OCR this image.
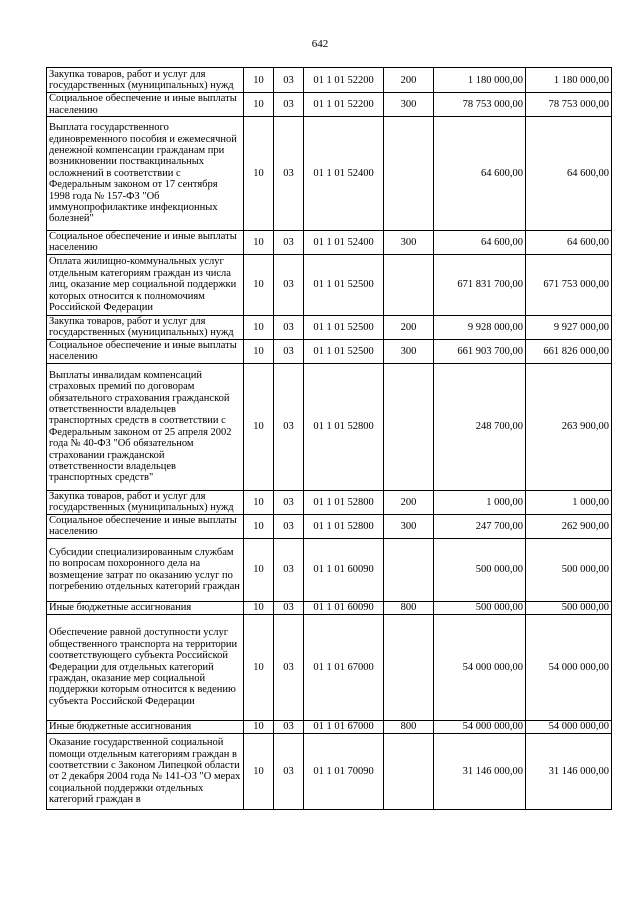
642
Закупка товаров, работ и услуг для государственных (муниципальных) нужд	10	03	01 1 01 52200	200	1 180 000,00	1 180 000,00
Социальное обеспечение и иные выплаты населению	10	03	01 1 01 52200	300	78 753 000,00	78 753 000,00
Выплата государственного единовременного пособия и ежемесячной денежной компенсации гражданам при возникновении поствакцинальных осложнений в соответствии с Федеральным законом от 17 сентября 1998 года № 157-ФЗ "Об иммунопрофилактике инфекционных болезней"	10	03	01 1 01 52400		64 600,00	64 600,00
Социальное обеспечение и иные выплаты населению	10	03	01 1 01 52400	300	64 600,00	64 600,00
Оплата жилищно-коммунальных услуг отдельным категориям граждан из числа лиц, оказание мер социальной поддержки которых относится к полномочиям Российской Федерации	10	03	01 1 01 52500		671 831 700,00	671 753 000,00
Закупка товаров, работ и услуг для государственных (муниципальных) нужд	10	03	01 1 01 52500	200	9 928 000,00	9 927 000,00
Социальное обеспечение и иные выплаты населению	10	03	01 1 01 52500	300	661 903 700,00	661 826 000,00
Выплаты инвалидам компенсаций страховых премий по договорам обязательного страхования гражданской ответственности владельцев транспортных средств в соответствии с Федеральным законом от 25 апреля 2002 года № 40-ФЗ "Об обязательном страховании гражданской ответственности владельцев транспортных средств"	10	03	01 1 01 52800		248 700,00	263 900,00
Закупка товаров, работ и услуг для государственных (муниципальных) нужд	10	03	01 1 01 52800	200	1 000,00	1 000,00
Социальное обеспечение и иные выплаты населению	10	03	01 1 01 52800	300	247 700,00	262 900,00
Субсидии специализированным службам по вопросам похоронного дела на возмещение затрат по оказанию услуг по погребению отдельных категорий граждан	10	03	01 1 01 60090		500 000,00	500 000,00
Иные бюджетные ассигнования	10	03	01 1 01 60090	800	500 000,00	500 000,00
Обеспечение равной доступности услуг общественного транспорта на территории соответствующего субъекта Российской Федерации для отдельных категорий граждан, оказание мер социальной поддержки которым относится к ведению субъекта Российской Федерации	10	03	01 1 01 67000		54 000 000,00	54 000 000,00
Иные бюджетные ассигнования	10	03	01 1 01 67000	800	54 000 000,00	54 000 000,00
Оказание государственной социальной помощи отдельным категориям граждан в соответствии с Законом Липецкой области от 2 декабря 2004 года № 141-ОЗ "О мерах социальной поддержки отдельных категорий граждан в	10	03	01 1 01 70090		31 146 000,00	31 146 000,00
